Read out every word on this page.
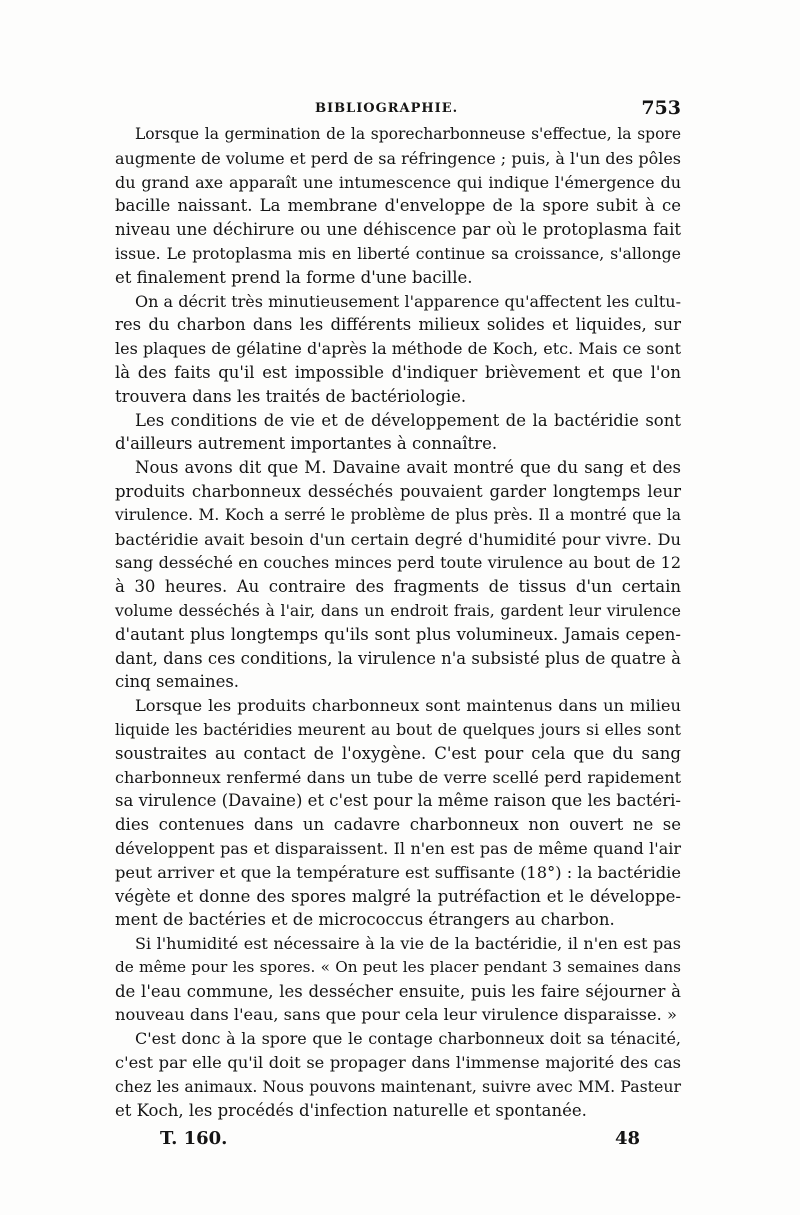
BIBLIOGRAPHIE.	753
Lorsque la germination de la sporecharbonneuse s'effectue, la spore
augmente de volume et perd de sa réfringence ; puis, à l'un des pôles
du grand axe apparaît une intumescence qui indique l'émergence du
bacille naissant. La membrane d'enveloppe de la spore subit à ce
niveau une déchirure ou une déhiscence par où le protoplasma fait
issue. Le protoplasma mis en liberté continue sa croissance, s'allonge
et finalement prend la forme d'une bacille.
On a décrit très minutieusement l'apparence qu'affectent les cultu-
res du charbon dans les différents milieux solides et liquides, sur
les plaques de gélatine d'après la méthode de Koch, etc. Mais ce sont
là des faits qu'il est impossible d'indiquer brièvement et que l'on
trouvera dans les traités de bactériologie.
Les conditions de vie et de développement de la bactéridie sont
d'ailleurs autrement importantes à connaître.
Nous avons dit que M. Davaine avait montré que du sang et des
produits charbonneux desséchés pouvaient garder longtemps leur
virulence. M. Koch a serré le problème de plus près. Il a montré que la
bactéridie avait besoin d'un certain degré d'humidité pour vivre. Du
sang desséché en couches minces perd toute virulence au bout de 12
à 30 heures. Au contraire des fragments de tissus d'un certain
volume desséchés à l'air, dans un endroit frais, gardent leur virulence
d'autant plus longtemps qu'ils sont plus volumineux. Jamais cepen-
dant, dans ces conditions, la virulence n'a subsisté plus de quatre à
cinq semaines.
Lorsque les produits charbonneux sont maintenus dans un milieu
liquide les bactéridies meurent au bout de quelques jours si elles sont
soustraites au contact de l'oxygène. C'est pour cela que du sang
charbonneux renfermé dans un tube de verre scellé perd rapidement
sa virulence (Davaine) et c'est pour la même raison que les bactéri-
dies contenues dans un cadavre charbonneux non ouvert ne se
développent pas et disparaissent. Il n'en est pas de même quand l'air
peut arriver et que la température est suffisante (18°) : la bactéridie
végète et donne des spores malgré la putréfaction et le développe-
ment de bactéries et de micrococcus étrangers au charbon.
Si l'humidité est nécessaire à la vie de la bactéridie, il n'en est pas
de même pour les spores. « On peut les placer pendant 3 semaines dans
de l'eau commune, les dessécher ensuite, puis les faire séjourner à
nouveau dans l'eau, sans que pour cela leur virulence disparaisse. »
C'est donc à la spore que le contage charbonneux doit sa ténacité,
c'est par elle qu'il doit se propager dans l'immense majorité des cas
chez les animaux. Nous pouvons maintenant, suivre avec MM. Pasteur
et Koch, les procédés d'infection naturelle et spontanée.
T. 160.	48
